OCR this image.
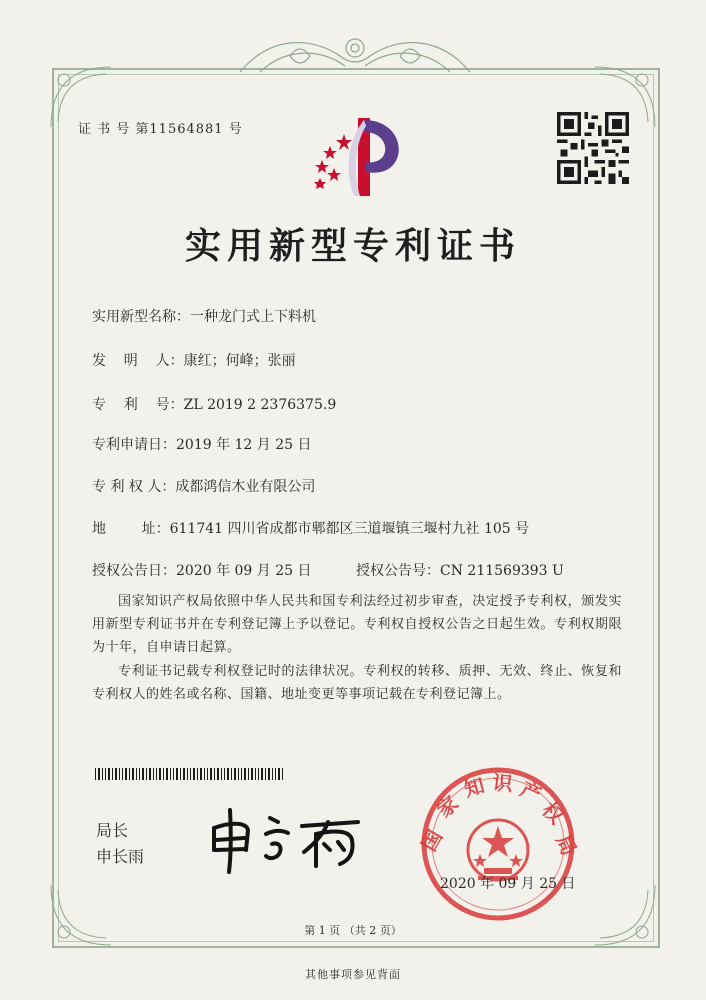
证 书 号 第11564881 号
实用新型专利证书
实用新型名称：一种龙门式上下料机
发    明    人：康红；何峰；张丽
专    利    号：ZL 2019 2 2376375.9
专利申请日：2019 年 12 月 25 日
专 利 权 人：成都鸿信木业有限公司
地        址：611741 四川省成都市郫都区三道堰镇三堰村九社 105 号
授权公告日：2020 年 09 月 25 日	授权公告号：CN 211569393 U
国家知识产权局依照中华人民共和国专利法经过初步审查，决定授予专利权，颁发实用新型专利证书并在专利登记簿上予以登记。专利权自授权公告之日起生效。专利权期限为十年，自申请日起算。
专利证书记载专利权登记时的法律状况。专利权的转移、质押、无效、终止、恢复和专利权人的姓名或名称、国籍、地址变更等事项记载在专利登记簿上。
局长
申长雨
国
家
知 识 产
权
局
2020 年 09 月 25 日
第 1 页 （共 2 页）
其他事项参见背面
